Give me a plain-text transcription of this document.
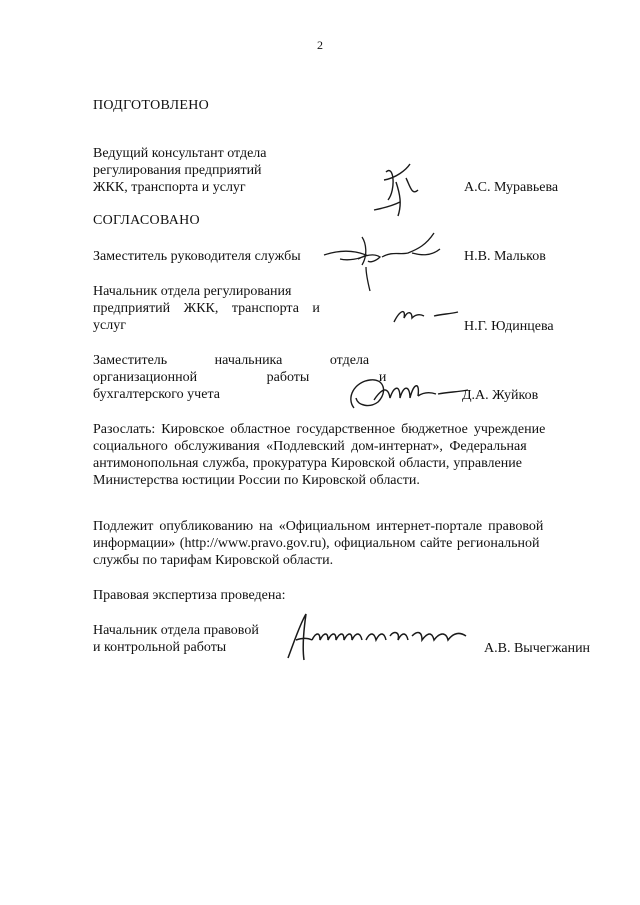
2
ПОДГОТОВЛЕНО
Ведущий консультант отдела
регулирования предприятий
ЖКК, транспорта и услуг	А.С. Муравьева
СОГЛАСОВАНО
Заместитель руководителя службы	Н.В. Мальков
Начальник отдела регулирования
предприятий ЖКК, транспорта и
услуг	Н.Г. Юдинцева
Заместитель начальника отдела
организационной работы и
бухгалтерского учета	Д.А. Жуйков
Разослать: Кировское областное государственное бюджетное учреждение
социального обслуживания «Подлевский дом-интернат», Федеральная
антимонопольная служба, прокуратура Кировской области, управление
Министерства юстиции России по Кировской области.
Подлежит опубликованию на «Официальном интернет-портале правовой
информации» (http://www.pravo.gov.ru), официальном сайте региональной
службы по тарифам Кировской области.
Правовая экспертиза проведена:
Начальник отдела правовой
и контрольной работы	А.В. Вычегжанин
